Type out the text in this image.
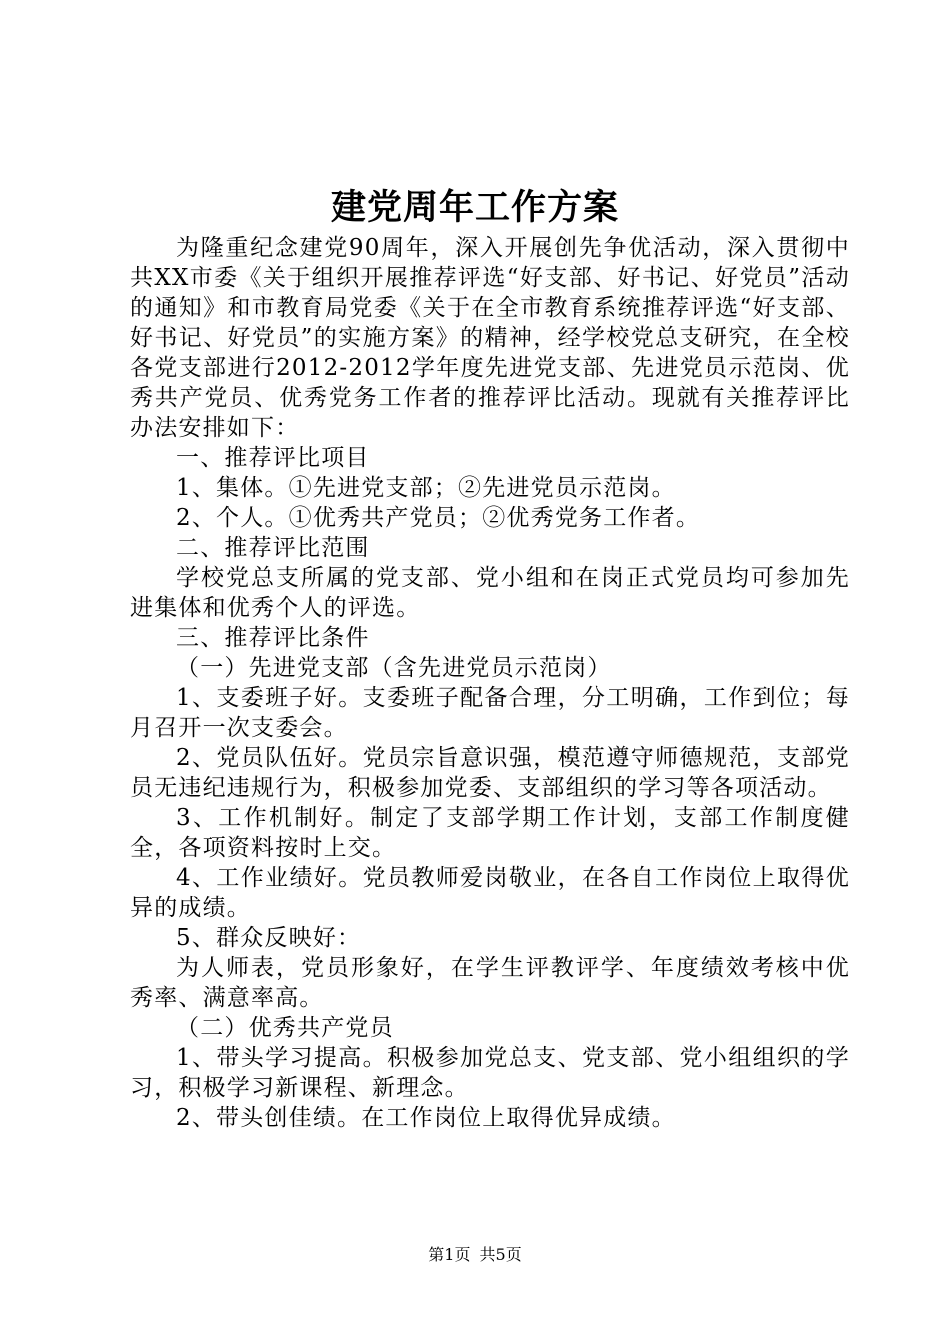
建党周年工作方案

为隆重纪念建党90周年，深入开展创先争优活动，深入贯彻中共XX市委《关于组织开展推荐评选“好支部、好书记、好党员”活动的通知》和市教育局党委《关于在全市教育系统推荐评选“好支部、好书记、好党员”的实施方案》的精神，经学校党总支研究，在全校各党支部进行2012-2012学年度先进党支部、先进党员示范岗、优秀共产党员、优秀党务工作者的推荐评比活动。现就有关推荐评比办法安排如下：

一、推荐评比项目

1、集体。①先进党支部；②先进党员示范岗。

2、个人。①优秀共产党员；②优秀党务工作者。

二、推荐评比范围

学校党总支所属的党支部、党小组和在岗正式党员均可参加先进集体和优秀个人的评选。

三、推荐评比条件

（一）先进党支部（含先进党员示范岗）

1、支委班子好。支委班子配备合理，分工明确，工作到位；每月召开一次支委会。

2、党员队伍好。党员宗旨意识强，模范遵守师德规范，支部党员无违纪违规行为，积极参加党委、支部组织的学习等各项活动。

3、工作机制好。制定了支部学期工作计划，支部工作制度健全，各项资料按时上交。

4、工作业绩好。党员教师爱岗敬业，在各自工作岗位上取得优异的成绩。

5、群众反映好：

为人师表，党员形象好，在学生评教评学、年度绩效考核中优秀率、满意率高。

（二）优秀共产党员

1、带头学习提高。积极参加党总支、党支部、党小组组织的学习，积极学习新课程、新理念。

2、带头创佳绩。在工作岗位上取得优异成绩。

第1页 共5页
